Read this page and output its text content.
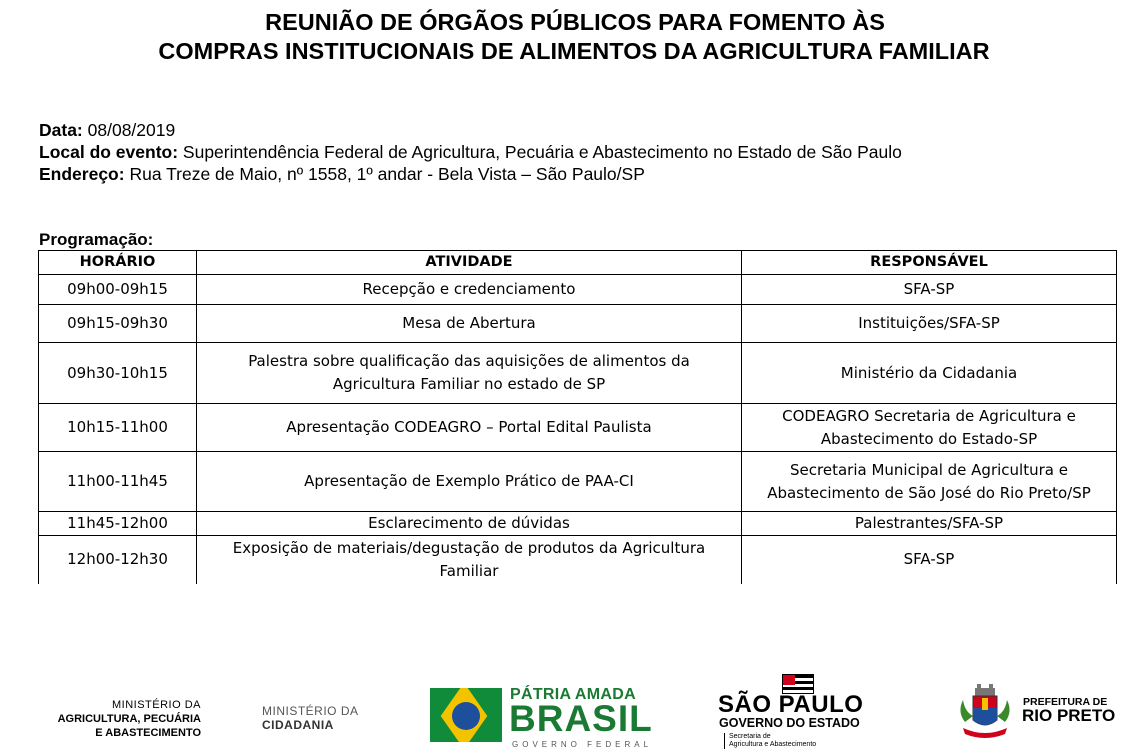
REUNIÃO DE ÓRGÃOS PÚBLICOS PARA FOMENTO ÀS
COMPRAS INSTITUCIONAIS DE ALIMENTOS DA AGRICULTURA FAMILIAR
Data: 08/08/2019
Local do evento: Superintendência Federal de Agricultura, Pecuária e Abastecimento no Estado de São Paulo
Endereço: Rua Treze de Maio, nº 1558, 1º andar - Bela Vista – São Paulo/SP
Programação:
HORÁRIO	ATIVIDADE	RESPONSÁVEL
09h00-09h15	Recepção e credenciamento	SFA-SP

09h15-09h30	Mesa de Abertura	Instituições/SFA-SP

09h30-10h15	Palestra sobre qualificação das aquisições de alimentos da
Agricultura Familiar no estado de SP	Ministério da Cidadania

10h15-11h00	Apresentação CODEAGRO – Portal Edital Paulista	CODEAGRO Secretaria de Agricultura e
Abastecimento do Estado-SP

11h00-11h45	Apresentação de Exemplo Prático de PAA-CI	Secretaria Municipal de Agricultura e
Abastecimento de São José do Rio Preto/SP

11h45-12h00	Esclarecimento de dúvidas	Palestrantes/SFA-SP

12h00-12h30	Exposição de materiais/degustação de produtos da Agricultura
Familiar	SFA-SP
MINISTÉRIO DA
AGRICULTURA, PECUÁRIA
E ABASTECIMENTO
MINISTÉRIO DA
CIDADANIA
PÁTRIA AMADA
BRASIL
GOVERNO FEDERAL
SÃO PAULO
GOVERNO DO ESTADO
Secretaria de
Agricultura e Abastecimento
PREFEITURA DE
RIO PRETO
